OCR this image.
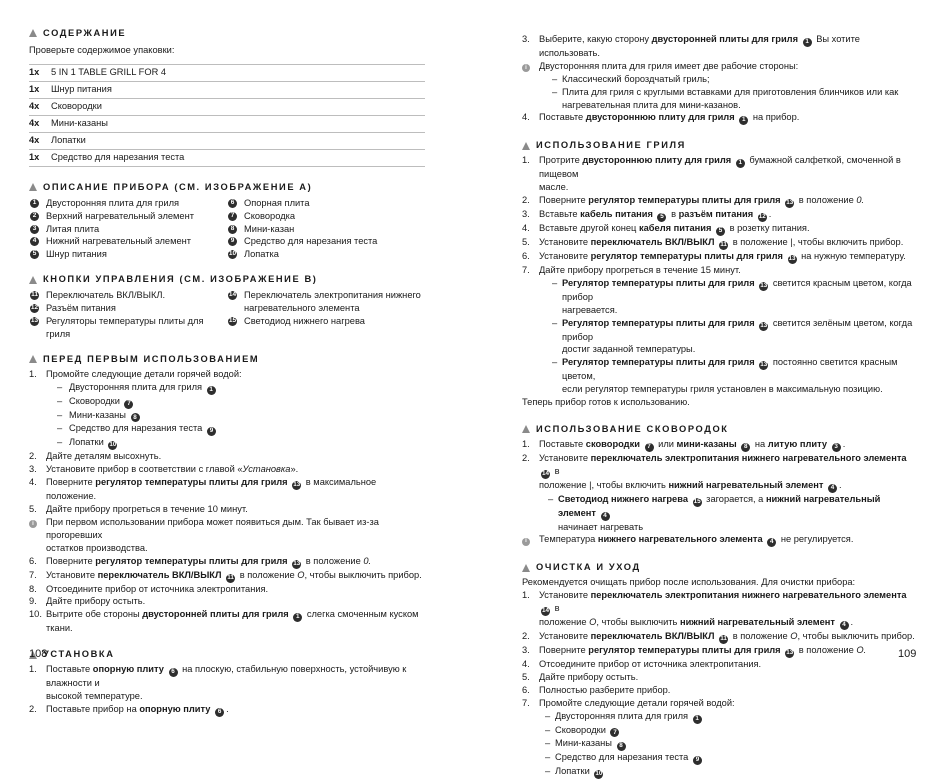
СОДЕРЖАНИЕ

Проверьте содержимое упаковки:

1x	5 IN 1 TABLE GRILL FOR 4
1x	Шнур питания
4x	Сковородки
4x	Мини-казаны
4x	Лопатки
1x	Средство для нарезания теста
ОПИСАНИЕ ПРИБОРА (СМ. ИЗОБРАЖЕНИЕ A)
1 Двусторонняя плита для гриля
2 Верхний нагревательный элемент
3 Литая плита
4 Нижний нагревательный элемент
5 Шнур питания
6 Опорная плита
7 Сковородка
8 Мини-казан
9 Средство для нарезания теста
10 Лопатка
КНОПКИ УПРАВЛЕНИЯ (СМ. ИЗОБРАЖЕНИЕ B)
11 Переключатель ВКЛ/ВЫКЛ.
12 Разъём питания
13 Регуляторы температуры плиты для гриля
14 Переключатель электропитания нижнего
нагревательного элемента
15 Светодиод нижнего нагрева
ПЕРЕД ПЕРВЫМ ИСПОЛЬЗОВАНИЕМ
1. Промойте следующие детали горячей водой:
– Двусторонняя плита для гриля 1
– Сковородки 7
– Мини-казаны 8
– Средство для нарезания теста 9
– Лопатки 10
2. Дайте деталям высохнуть.
3. Установите прибор в соответствии с главой «Установка».
4. Поверните регулятор температуры плиты для гриля 13 в максимальное положение.
5. Дайте прибору прогреться в течение 10 минут.
i	При первом использовании прибора может появиться дым. Так бывает из-за прогоревших
остатков производства.
6. Поверните регулятор температуры плиты для гриля 13 в положение 0.
7. Установите переключатель ВКЛ/ВЫКЛ 11 в положение O, чтобы выключить прибор.
8. Отсоедините прибор от источника электропитания.
9. Дайте прибору остыть.
10. Вытрите обе стороны двусторонней плиты для гриля 1 слегка смоченным куском ткани.
УСТАНОВКА
1. Поставьте опорную плиту 6 на плоскую, стабильную поверхность, устойчивую к влажности и
высокой температуре.
2. Поставьте прибор на опорную плиту 6 .
3. Выберите, какую сторону двусторонней плиты для гриля 1 Вы хотите использовать.
i	Двусторонняя плита для гриля имеет две рабочие стороны:
– Классический бороздчатый гриль;
– Плита для гриля с круглыми вставками для приготовления блинчиков или как
нагревательная плита для мини-казанов.
4. Поставьте двустороннюю плиту для гриля 1 на прибор.
ИСПОЛЬЗОВАНИЕ ГРИЛЯ
1. Протрите двустороннюю плиту для гриля 1 бумажной салфеткой, смоченной в пищевом
масле.
2. Поверните регулятор температуры плиты для гриля 13 в положение 0.
3. Вставьте кабель питания 5 в разъём питания 12 .
4. Вставьте другой конец кабеля питания 5 в розетку питания.
5. Установите переключатель ВКЛ/ВЫКЛ 11 в положение |, чтобы включить прибор.
6. Установите регулятор температуры плиты для гриля 13 на нужную температуру.
7. Дайте прибору прогреться в течение 15 минут.
– Регулятор температуры плиты для гриля 13 светится красным цветом, когда прибор
нагревается.
– Регулятор температуры плиты для гриля 13 светится зелёным цветом, когда прибор
достиг заданной температуры.
– Регулятор температуры плиты для гриля 13 постоянно светится красным цветом,
если регулятор температуры гриля установлен в максимальную позицию.

Теперь прибор готов к использованию.

ИСПОЛЬЗОВАНИЕ СКОВОРОДОК
1. Поставьте сковородки 7 или мини-казаны 8 на литую плиту 3 .
2. Установите переключатель электропитания нижнего нагревательного элемента 14 в
положение |, чтобы включить нижний нагревательный элемент 4 .
– Светодиод нижнего нагрева 15 загорается, а нижний нагревательный элемент 4
начинает нагревать
i	Температура нижнего нагревательного элемента 4 не регулируется.
ОЧИСТКА И УХОД

Рекомендуется очищать прибор после использования. Для очистки прибора:

1. Установите переключатель электропитания нижнего нагревательного элемента 14 в
положение O, чтобы выключить нижний нагревательный элемент 4 .
2. Установите переключатель ВКЛ/ВЫКЛ 11 в положение O, чтобы выключить прибор.
3. Поверните регулятор температуры плиты для гриля 13 в положение O.
4. Отсоедините прибор от источника электропитания.
5. Дайте прибору остыть.
6. Полностью разберите прибор.
7. Промойте следующие детали горячей водой:
– Двусторонняя плита для гриля 1
– Сковородки 7
– Мини-казаны 8
– Средство для нарезания теста 9
– Лопатки 10
108	109
